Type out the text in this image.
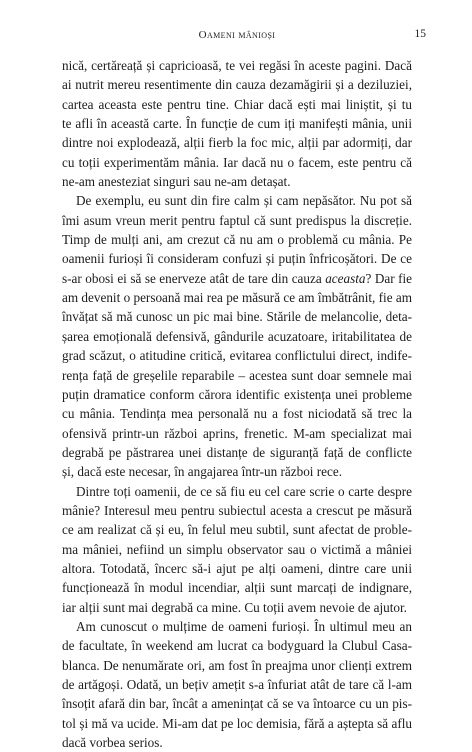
Oameni mânioși	15
nică, certăreață și capricioasă, te vei regăsi în aceste pagini. Dacă
ai nutrit mereu resentimente din cauza dezamăgirii și a deziluziei,
cartea aceasta este pentru tine. Chiar dacă ești mai liniștit, și tu
te afli în această carte. În funcție de cum iți manifești mânia, unii
dintre noi explodează, alții fierb la foc mic, alții par adormiți, dar
cu toții experimentăm mânia. Iar dacă nu o facem, este pentru că
ne-am anesteziat singuri sau ne-am detașat.
De exemplu, eu sunt din fire calm și cam nepăsător. Nu pot să
îmi asum vreun merit pentru faptul că sunt predispus la discreție.
Timp de mulți ani, am crezut că nu am o problemă cu mânia. Pe
oamenii furioși îi consideram confuzi și puțin înfricoșători. De ce
s-ar obosi ei să se enerveze atât de tare din cauza aceasta? Dar fie
am devenit o persoană mai rea pe măsură ce am îmbătrânit, fie am
învățat să mă cunosc un pic mai bine. Stările de melancolie, deta-
șarea emoțională defensivă, gândurile acuzatoare, iritabilitatea de
grad scăzut, o atitudine critică, evitarea conflictului direct, indife-
rența față de greșelile reparabile – acestea sunt doar semnele mai
puțin dramatice conform cărora identific existența unei probleme
cu mânia. Tendința mea personală nu a fost niciodată să trec la
ofensivă printr-un război aprins, frenetic. M-am specializat mai
degrabă pe păstrarea unei distanțe de siguranță față de conflicte
și, dacă este necesar, în angajarea într-un război rece.
Dintre toți oamenii, de ce să fiu eu cel care scrie o carte despre
mânie? Interesul meu pentru subiectul acesta a crescut pe măsură
ce am realizat că și eu, în felul meu subtil, sunt afectat de proble-
ma mâniei, nefiind un simplu observator sau o victimă a mâniei
altora. Totodată, încerc să-i ajut pe alți oameni, dintre care unii
funcționează în modul incendiar, alții sunt marcați de indignare,
iar alții sunt mai degrabă ca mine. Cu toții avem nevoie de ajutor.
Am cunoscut o mulțime de oameni furioși. În ultimul meu an
de facultate, în weekend am lucrat ca bodyguard la Clubul Casa-
blanca. De nenumărate ori, am fost în preajma unor clienți extrem
de artăgoși. Odată, un bețiv amețit s-a înfuriat atât de tare că l-am
însoțit afară din bar, încât a amenințat că se va întoarce cu un pis-
tol și mă va ucide. Mi-am dat pe loc demisia, fără a aștepta să aflu
dacă vorbea serios.
